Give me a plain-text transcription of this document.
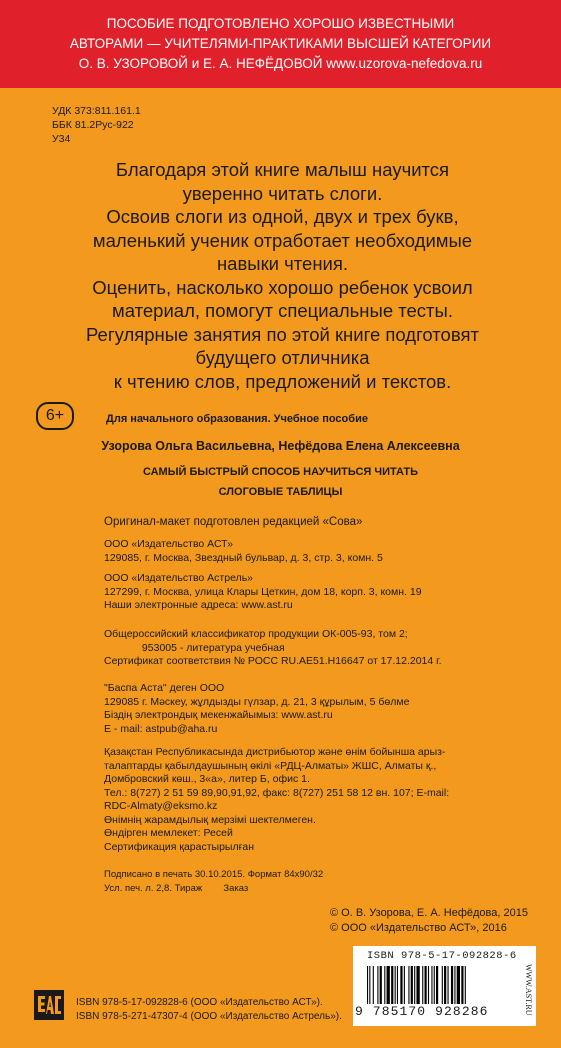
ПОСОБИЕ ПОДГОТОВЛЕНО ХОРОШО ИЗВЕСТНЫМИ
АВТОРАМИ — УЧИТЕЛЯМИ-ПРАКТИКАМИ ВЫСШЕЙ КАТЕГОРИИ
О. В. УЗОРОВОЙ и Е. А. НЕФЁДОВОЙ www.uzorova-nefedova.ru
УДК 373:811.161.1
ББК 81.2Рус-922
У34
Благодаря этой книге малыш научится
уверенно читать слоги.
Освоив слоги из одной, двух и трех букв,
маленький ученик отработает необходимые
навыки чтения.
Оценить, насколько хорошо ребенок усвоил
материал, помогут специальные тесты.
Регулярные занятия по этой книге подготовят
будущего отличника
к чтению слов, предложений и текстов.
6+	Для начального образования. Учебное пособие
Узорова Ольга Васильевна, Нефёдова Елена Алексеевна
САМЫЙ БЫСТРЫЙ СПОСОБ НАУЧИТЬСЯ ЧИТАТЬ
СЛОГОВЫЕ ТАБЛИЦЫ
Оригинал-макет подготовлен редакцией «Сова»
ООО «Издательство АСТ»
129085, г. Москва, Звездный бульвар, д. 3, стр. 3, комн. 5
ООО «Издательство Астрель»
127299, г. Москва, улица Клары Цеткин, дом 18, корп. 3, комн. 19
Наши электронные адреса: www.ast.ru
Общероссийский классификатор продукции ОК-005-93, том 2;
953005 - литература учебная
Сертификат соответствия № РОСС RU.AE51.H16647 от 17.12.2014 г.
"Баспа Аста" деген ООО
129085 г. Мәскеу, жұлдызды гүлзар, д. 21, 3 құрылым, 5 бөлме
Біздің электрондық мекенжайымыз: www.ast.ru
E - mail: astpub@aha.ru
Қазақстан Республикасында дистрибьютор және өнім бойынша арыз-
талаптарды қабылдаушының өкілі «РДЦ-Алматы» ЖШС, Алматы қ.,
Домбровский көш., 3«а», литер Б, офис 1.
Тел.: 8(727) 2 51 59 89,90,91,92, факс: 8(727) 251 58 12 вн. 107; E-mail:
RDC-Almaty@eksmo.kz
Өнімнің жарамдылық мерзімі шектелмеген.
Өндірген мемлекет: Ресей
Сертификация қарастырылған
Подписано в печать 30.10.2015. Формат 84x90/32
Усл. печ. л. 2,8. Тираж        Заказ
© О. В. Узорова, Е. А. Нефёдова, 2015
© ООО «Издательство АСТ», 2016
ISBN 978-5-17-092828-6
9 785170 928286	WWW.AST.RU
ISBN 978-5-17-092828-6 (ООО «Издательство АСТ»).
ISBN 978-5-271-47307-4 (ООО «Издательство Астрель»).
